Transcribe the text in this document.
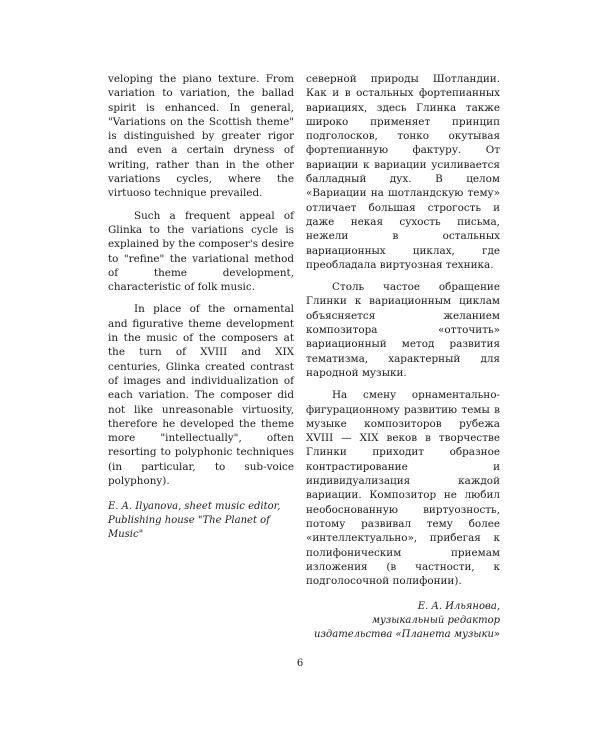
veloping the piano texture. From variation to variation, the ballad spirit is enhanced. In general, "Variations on the Scottish theme" is distinguished by greater rigor and even a certain dryness of writing, rather than in the other variations cycles, where the virtuoso technique prevailed.

Such a frequent appeal of Glinka to the variations cycle is explained by the composer's desire to "refine" the variational method of theme development, characteristic of folk music.

In place of the ornamental and figurative theme development in the music of the composers at the turn of XVIII and XIX centuries, Glinka created contrast of images and individualization of each variation. The composer did not like unreasonable virtuosity, therefore he developed the theme more "intellectually", often resorting to polyphonic techniques (in particular, to sub-voice polyphony).

E. A. Ilyanova, sheet music editor,
Publishing house "The Planet of Music"

северной природы Шотландии. Как и в остальных фортепианных вариациях, здесь Глинка также широко применяет принцип подголосков, тонко окутывая фортепианную фактуру. От вариации к вариации усиливается балладный дух. В целом «Вариации на шотландскую тему» отличает большая строгость и даже некая сухость письма, нежели в остальных вариационных циклах, где преобладала виртуозная техника.

Столь частое обращение Глинки к вариационным циклам объясняется желанием композитора «отточить» вариационный метод развития тематизма, характерный для народной музыки.

На смену орнаментально-фигурационному развитию темы в музыке композиторов рубежа XVIII — XIX веков в творчестве Глинки приходит образное контрастирование и индивидуализация каждой вариации. Композитор не любил необоснованную виртуозность, потому развивал тему более «интеллектуально», прибегая к полифоническим приемам изложения (в частности, к подголосочной полифонии).

Е. А. Ильянова,
музыкальный редактор
издательства «Планета музыки»
6
